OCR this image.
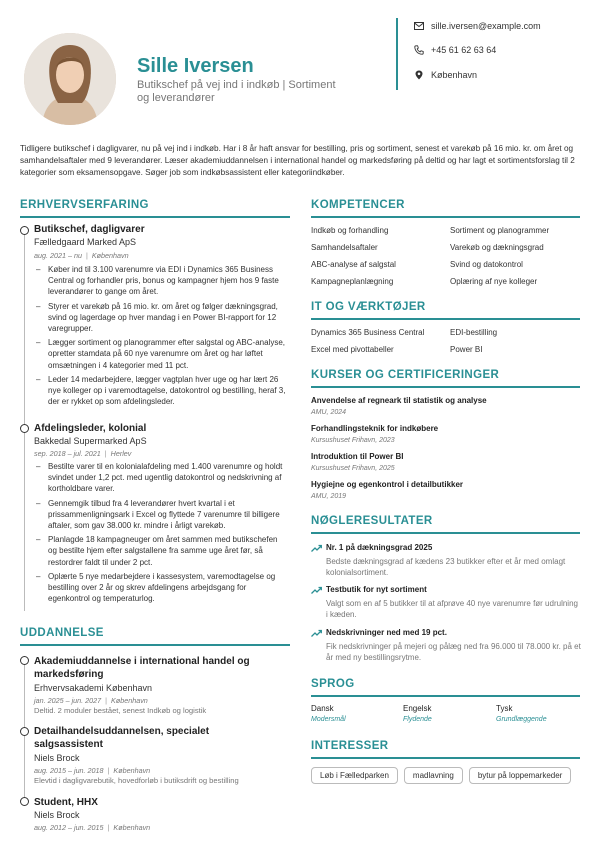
Sille Iversen
Butikschef på vej ind i indkøb | Sortiment og leverandører
sille.iversen@example.com
+45 61 62 63 64
København
Tidligere butikschef i dagligvarer, nu på vej ind i indkøb. Har i 8 år haft ansvar for bestilling, pris og sortiment, senest et varekøb på 16 mio. kr. om året og samhandelsaftaler med 9 leverandører. Læser akademiuddannelsen i international handel og markedsføring på deltid og har lagt et sortimentsforslag til 2 kategorier som eksamensopgave. Søger job som indkøbsassistent eller kategoriindkøber.
ERHVERVSERFARING
Butikschef, dagligvarer
Fælledgaard Marked ApS
aug. 2021 – nu | København
– Køber ind til 3.100 varenumre via EDI i Dynamics 365 Business Central og forhandler pris, bonus og kampagner hjem hos 9 faste leverandører to gange om året.
– Styrer et varekøb på 16 mio. kr. om året og følger dækningsgrad, svind og lagerdage op hver mandag i en Power BI-rapport for 12 varegrupper.
– Lægger sortiment og planogrammer efter salgstal og ABC-analyse, opretter stamdata på 60 nye varenumre om året og har løftet omsætningen i 4 kategorier med 11 pct.
– Leder 14 medarbejdere, lægger vagtplan hver uge og har lært 26 nye kolleger op i varemodtagelse, datokontrol og bestilling, heraf 3, der er rykket op som afdelingsleder.
Afdelingsleder, kolonial
Bakkedal Supermarked ApS
sep. 2018 – jul. 2021 | Herlev
– Bestilte varer til en kolonialafdeling med 1.400 varenumre og holdt svindet under 1,2 pct. med ugentlig datokontrol og nedskrivning af kortholdbare varer.
– Gennemgik tilbud fra 4 leverandører hvert kvartal i et prissammenligningsark i Excel og flyttede 7 varenumre til billigere aftaler, som gav 38.000 kr. mindre i årligt varekøb.
– Planlagde 18 kampagneuger om året sammen med butikschefen og bestilte hjem efter salgstallene fra samme uge året før, så restordrer faldt til under 2 pct.
– Oplærte 5 nye medarbejdere i kassesystem, varemodtagelse og bestilling over 2 år og skrev afdelingens arbejdsgang for egenkontrol og temperaturlog.
UDDANNELSE
Akademiuddannelse i international handel og markedsføring
Erhvervsakademi København
jan. 2025 – jun. 2027 | København
Deltid. 2 moduler bestået, senest Indkøb og logistik
Detailhandelsuddannelsen, specialet salgsassistent
Niels Brock
aug. 2015 – jun. 2018 | København
Elevtid i dagligvarebutik, hovedforløb i butiksdrift og bestilling
Student, HHX
Niels Brock
aug. 2012 – jun. 2015 | København
KOMPETENCER
Indkøb og forhandling	Sortiment og planogrammer
Samhandelsaftaler	Varekøb og dækningsgrad
ABC-analyse af salgstal	Svind og datokontrol
Kampagneplanlægning	Oplæring af nye kolleger
IT OG VÆRKTØJER
Dynamics 365 Business Central	EDI-bestilling
Excel med pivottabeller	Power BI
KURSER OG CERTIFICERINGER
Anvendelse af regneark til statistik og analyse
AMU, 2024
Forhandlingsteknik for indkøbere
Kursushuset Frihavn, 2023
Introduktion til Power BI
Kursushuset Frihavn, 2025
Hygiejne og egenkontrol i detailbutikker
AMU, 2019
NØGLERESULTATER
Nr. 1 på dækningsgrad 2025
Bedste dækningsgrad af kædens 23 butikker efter et år med omlagt kolonialsortiment.
Testbutik for nyt sortiment
Valgt som en af 5 butikker til at afprøve 40 nye varenumre før udrulning i kæden.
Nedskrivninger ned med 19 pct.
Fik nedskrivninger på mejeri og pålæg ned fra 96.000 til 78.000 kr. på et år med ny bestillingsrytme.
SPROG
Dansk
Modersmål
Engelsk
Flydende
Tysk
Grundlæggende
INTERESSER
Løb i Fælledparken	madlavning	bytur på loppemarkeder
